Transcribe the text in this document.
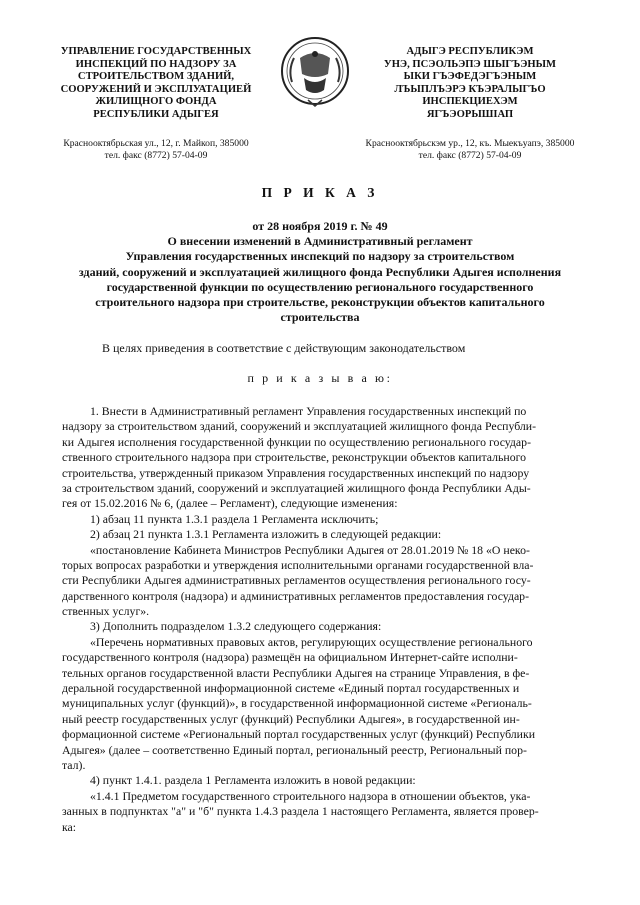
УПРАВЛЕНИЕ ГОСУДАРСТВЕННЫХ
ИНСПЕКЦИЙ ПО НАДЗОРУ ЗА
СТРОИТЕЛЬСТВОМ ЗДАНИЙ,
СООРУЖЕНИЙ И ЭКСПЛУАТАЦИЕЙ
ЖИЛИЩНОГО ФОНДА
РЕСПУБЛИКИ АДЫГЕЯ
Краснооктябрьская ул., 12, г. Майкоп, 385000
тел. факс (8772) 57-04-09
АДЫГЭ РЕСПУБЛИКЭМ
УНЭ, ПСЭОЛЬЭПЭ ШЫГЪЭНЫМ
ЫКИ ГЪЭФЕДЭГЪЭНЫМ
ЛЪЫПЛЪЭРЭ КЪЭРАЛЫГЪО
ИНСПЕКЦИЕХЭМ
ЯГЪЭОРЫШIАП
Краснооктябрьскэм ур., 12, къ. Мыекъуапэ, 385000
тел. факс (8772) 57-04-09
П Р И К А З
от 28 ноября 2019 г. № 49
О внесении изменений в Административный регламент
Управления государственных инспекций по надзору за строительством
зданий, сооружений и эксплуатацией жилищного фонда Республики Адыгея исполнения
государственной функции по осуществлению регионального государственного
строительного надзора при строительстве, реконструкции объектов капитального
строительства
В целях приведения в соответствие с действующим законодательством
п р и к а з ы в а ю:
1. Внести в Административный регламент Управления государственных инспекций по
надзору за строительством зданий, сооружений и эксплуатацией жилищного фонда Республи-
ки Адыгея исполнения государственной функции по осуществлению регионального государ-
ственного строительного надзора при строительстве, реконструкции объектов капитального
строительства, утвержденный приказом Управления государственных инспекций по надзору
за строительством зданий, сооружений и эксплуатацией жилищного фонда Республики Ады-
гея от 15.02.2016 № 6, (далее – Регламент), следующие изменения:
1) абзац 11 пункта 1.3.1 раздела 1 Регламента исключить;
2) абзац 21 пункта 1.3.1 Регламента изложить в следующей редакции:
«постановление Кабинета Министров Республики Адыгея от 28.01.2019 № 18 «О неко-
торых вопросах разработки и утверждения исполнительными органами государственной вла-
сти Республики Адыгея административных регламентов осуществления регионального госу-
дарственного контроля (надзора) и административных регламентов предоставления государ-
ственных услуг».
3) Дополнить подразделом 1.3.2 следующего содержания:
«Перечень нормативных правовых актов, регулирующих осуществление регионального
государственного контроля (надзора) размещён на официальном Интернет-сайте исполни-
тельных органов государственной власти Республики Адыгея на странице Управления, в фе-
деральной государственной информационной системе «Единый портал государственных и
муниципальных услуг (функций)», в государственной информационной системе «Региональ-
ный реестр государственных услуг (функций) Республики Адыгея», в государственной ин-
формационной системе «Региональный портал государственных услуг (функций) Республики
Адыгея» (далее – соответственно Единый портал, региональный реестр, Региональный пор-
тал).
4) пункт 1.4.1. раздела 1 Регламента изложить в новой редакции:
«1.4.1 Предметом государственного строительного надзора в отношении объектов, ука-
занных в подпунктах "а" и "б" пункта 1.4.3 раздела 1 настоящего Регламента, является провер-
ка:
